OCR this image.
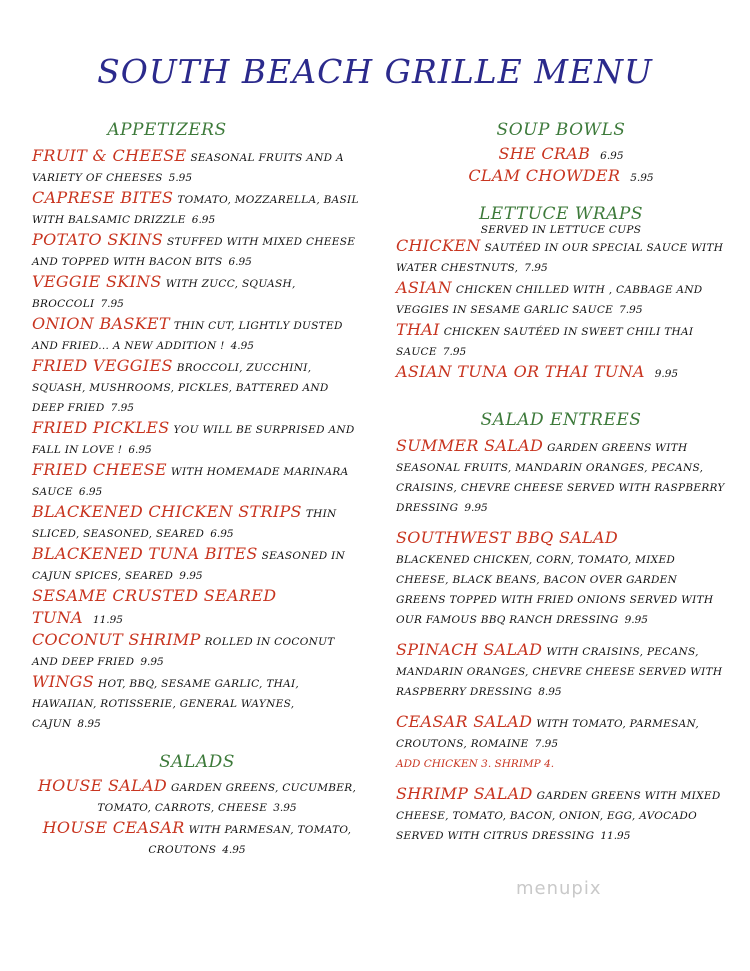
SOUTH BEACH GRILLE MENU
APPETIZERS
FRUIT & CHEESE SEASONAL FRUITS AND A VARIETY OF CHEESES 5.95
CAPRESE BITES TOMATO, MOZZARELLA, BASIL WITH BALSAMIC DRIZZLE 6.95
POTATO SKINS STUFFED WITH MIXED CHEESE AND TOPPED WITH BACON BITS 6.95
VEGGIE SKINS WITH ZUCC, SQUASH, BROCCOLI 7.95
ONION BASKET THIN CUT, LIGHTLY DUSTED AND FRIED... A NEW ADDITION ! 4.95
FRIED VEGGIES BROCCOLI, ZUCCHINI, SQUASH, MUSHROOMS, PICKLES, BATTERED AND DEEP FRIED 7.95
FRIED PICKLES YOU WILL BE SURPRISED AND FALL IN LOVE ! 6.95
FRIED CHEESE WITH HOMEMADE MARINARA SAUCE 6.95
BLACKENED CHICKEN STRIPS THIN SLICED, SEASONED, SEARED 6.95
BLACKENED TUNA BITES SEASONED IN CAJUN SPICES, SEARED 9.95
SESAME CRUSTED SEARED TUNA 11.95
COCONUT SHRIMP ROLLED IN COCONUT AND DEEP FRIED 9.95
WINGS HOT, BBQ, SESAME GARLIC, THAI, HAWAIIAN, ROTISSERIE, GENERAL WAYNES, CAJUN 8.95
SALADS
HOUSE SALAD GARDEN GREENS, CUCUMBER, TOMATO, CARROTS, CHEESE 3.95
HOUSE CEASAR WITH PARMESAN, TOMATO, CROUTONS 4.95
SOUP BOWLS
SHE CRAB 6.95
CLAM CHOWDER 5.95
LETTUCE WRAPS
SERVED IN LETTUCE CUPS
CHICKEN SAUTÉED IN OUR SPECIAL SAUCE WITH WATER CHESTNUTS, 7.95
ASIAN CHICKEN CHILLED WITH , CABBAGE AND VEGGIES IN SESAME GARLIC SAUCE 7.95
THAI CHICKEN SAUTÉED IN SWEET CHILI THAI SAUCE 7.95
ASIAN TUNA OR THAI TUNA 9.95
SALAD ENTREES
SUMMER SALAD GARDEN GREENS WITH SEASONAL FRUITS, MANDARIN ORANGES, PECANS, CRAISINS, CHEVRE CHEESE SERVED WITH RASPBERRY DRESSING 9.95
SOUTHWEST BBQ SALAD
BLACKENED CHICKEN, CORN, TOMATO, MIXED CHEESE, BLACK BEANS, BACON OVER GARDEN GREENS TOPPED WITH FRIED ONIONS SERVED WITH OUR FAMOUS BBQ RANCH DRESSING 9.95
SPINACH SALAD WITH CRAISINS, PECANS, MANDARIN ORANGES, CHEVRE CHEESE SERVED WITH RASPBERRY DRESSING 8.95
CEASAR SALAD WITH TOMATO, PARMESAN, CROUTONS, ROMAINE 7.95
ADD CHICKEN 3. SHRIMP 4.
SHRIMP SALAD GARDEN GREENS WITH MIXED CHEESE, TOMATO, BACON, ONION, EGG, AVOCADO SERVED WITH CITRUS DRESSING 11.95
menupix
